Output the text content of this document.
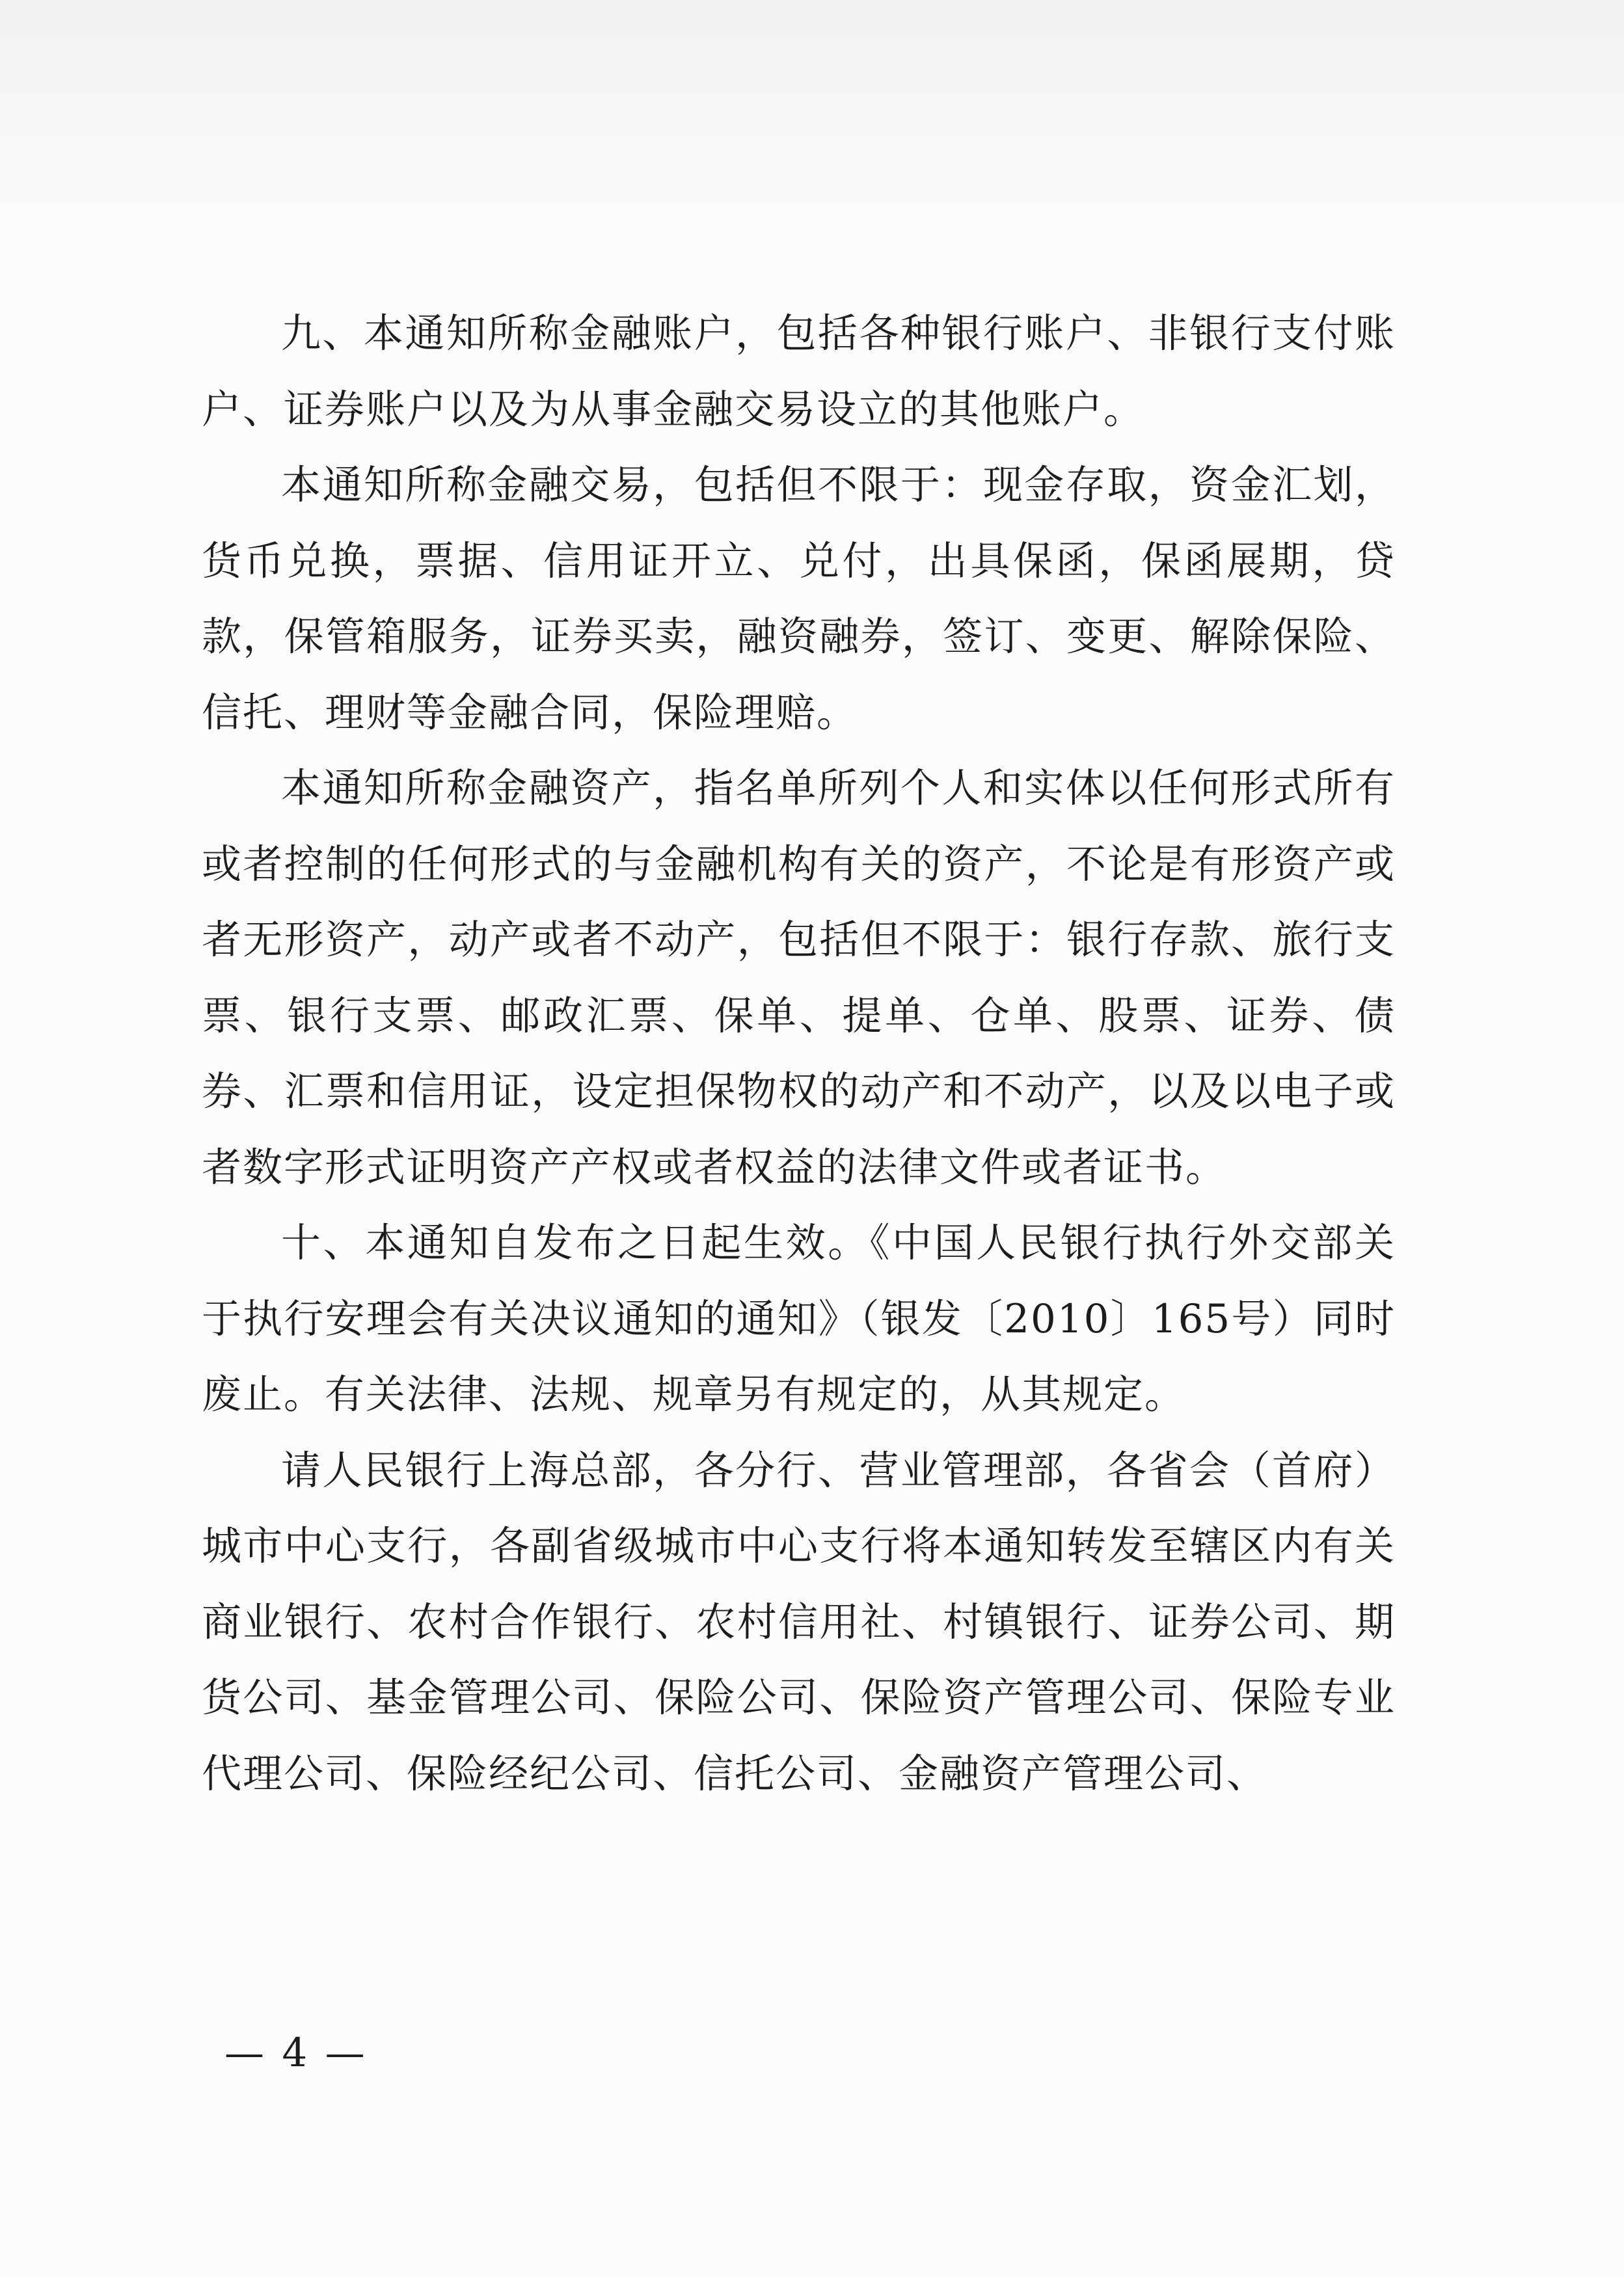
九、本通知所称金融账户，包括各种银行账户、非银行支付账户、证券账户以及为从事金融交易设立的其他账户。

本通知所称金融交易，包括但不限于：现金存取，资金汇划，货币兑换，票据、信用证开立、兑付，出具保函，保函展期，贷款，保管箱服务，证券买卖，融资融券，签订、变更、解除保险、信托、理财等金融合同，保险理赔。

本通知所称金融资产，指名单所列个人和实体以任何形式所有或者控制的任何形式的与金融机构有关的资产，不论是有形资产或者无形资产，动产或者不动产，包括但不限于：银行存款、旅行支票、银行支票、邮政汇票、保单、提单、仓单、股票、证券、债券、汇票和信用证，设定担保物权的动产和不动产，以及以电子或者数字形式证明资产产权或者权益的法律文件或者证书。

十、本通知自发布之日起生效。《中国人民银行执行外交部关于执行安理会有关决议通知的通知》（银发〔2010〕165号）同时废止。有关法律、法规、规章另有规定的，从其规定。

请人民银行上海总部，各分行、营业管理部，各省会（首府）城市中心支行，各副省级城市中心支行将本通知转发至辖区内有关商业银行、农村合作银行、农村信用社、村镇银行、证券公司、期货公司、基金管理公司、保险公司、保险资产管理公司、保险专业代理公司、保险经纪公司、信托公司、金融资产管理公司、

— 4 —
